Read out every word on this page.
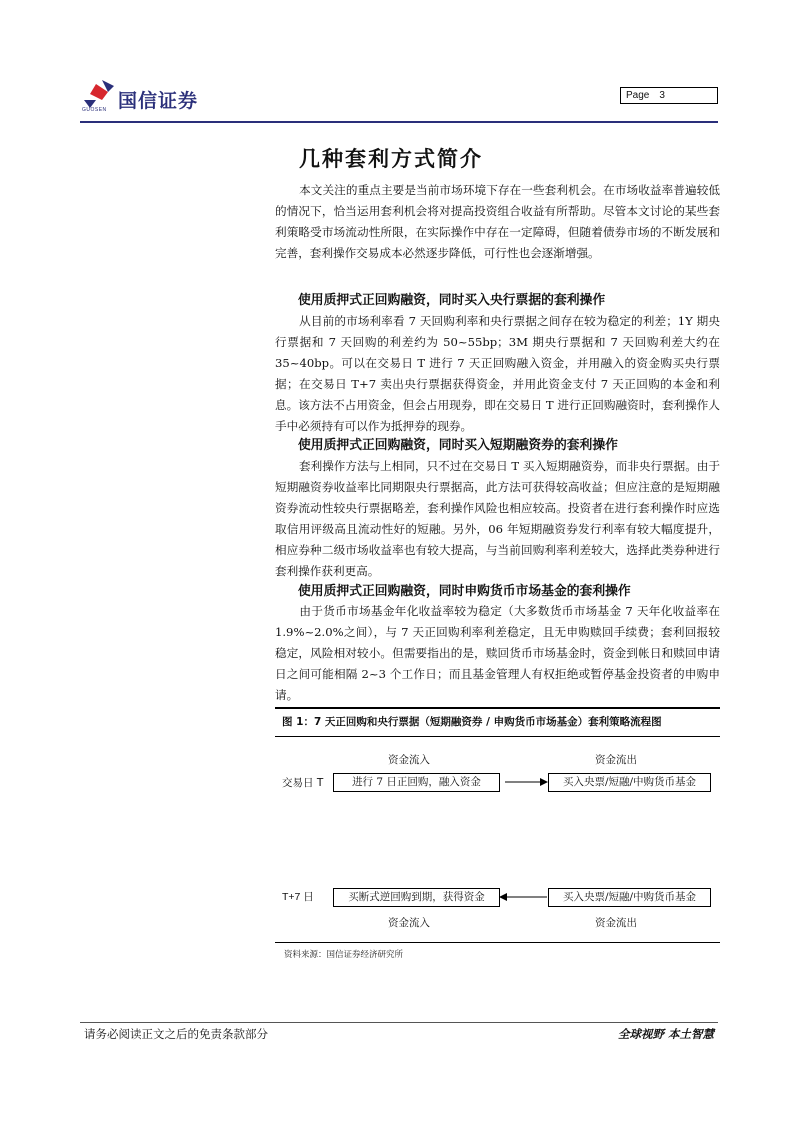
国信证券
GUOSEN
Page 3
几种套利方式简介

本文关注的重点主要是当前市场环境下存在一些套利机会。在市场收益率普遍较低的情况下，恰当运用套利机会将对提高投资组合收益有所帮助。尽管本文讨论的某些套利策略受市场流动性所限，在实际操作中存在一定障碍，但随着债券市场的不断发展和完善，套利操作交易成本必然逐步降低，可行性也会逐渐增强。

使用质押式正回购融资，同时买入央行票据的套利操作

从目前的市场利率看 7 天回购利率和央行票据之间存在较为稳定的利差；1Y 期央行票据和 7 天回购的利差约为 50~55bp；3M 期央行票据和 7 天回购利差大约在 35~40bp。可以在交易日 T 进行 7 天正回购融入资金，并用融入的资金购买央行票据；在交易日 T+7 卖出央行票据获得资金，并用此资金支付 7 天正回购的本金和利息。该方法不占用资金，但会占用现券，即在交易日 T 进行正回购融资时，套利操作人手中必须持有可以作为抵押券的现券。

使用质押式正回购融资，同时买入短期融资券的套利操作

套利操作方法与上相同，只不过在交易日 T 买入短期融资券，而非央行票据。由于短期融资券收益率比同期限央行票据高，此方法可获得较高收益；但应注意的是短期融资券流动性较央行票据略差，套利操作风险也相应较高。投资者在进行套利操作时应选取信用评级高且流动性好的短融。另外，06 年短期融资券发行利率有较大幅度提升，相应券种二级市场收益率也有较大提高，与当前回购利率利差较大，选择此类券种进行套利操作获利更高。

使用质押式正回购融资，同时申购货币市场基金的套利操作

由于货币市场基金年化收益率较为稳定（大多数货币市场基金 7 天年化收益率在 1.9%~2.0%之间），与 7 天正回购利率利差稳定，且无申购赎回手续费；套利回报较稳定，风险相对较小。但需要指出的是，赎回货币市场基金时，资金到帐日和赎回申请日之间可能相隔 2~3 个工作日；而且基金管理人有权拒绝或暂停基金投资者的申购申请。

图 1：7 天正回购和央行票据（短期融资券 / 申购货币市场基金）套利策略流程图
资金流入	资金流出
交易日 T	进行 7 日正回购，融入资金	买入央票/短融/中购货币基金
T+7 日	买断式逆回购到期，获得资金	买入央票/短融/中购货币基金
资金流入	资金流出
资料来源：国信证券经济研究所
请务必阅读正文之后的免责条款部分	全球视野 本土智慧
